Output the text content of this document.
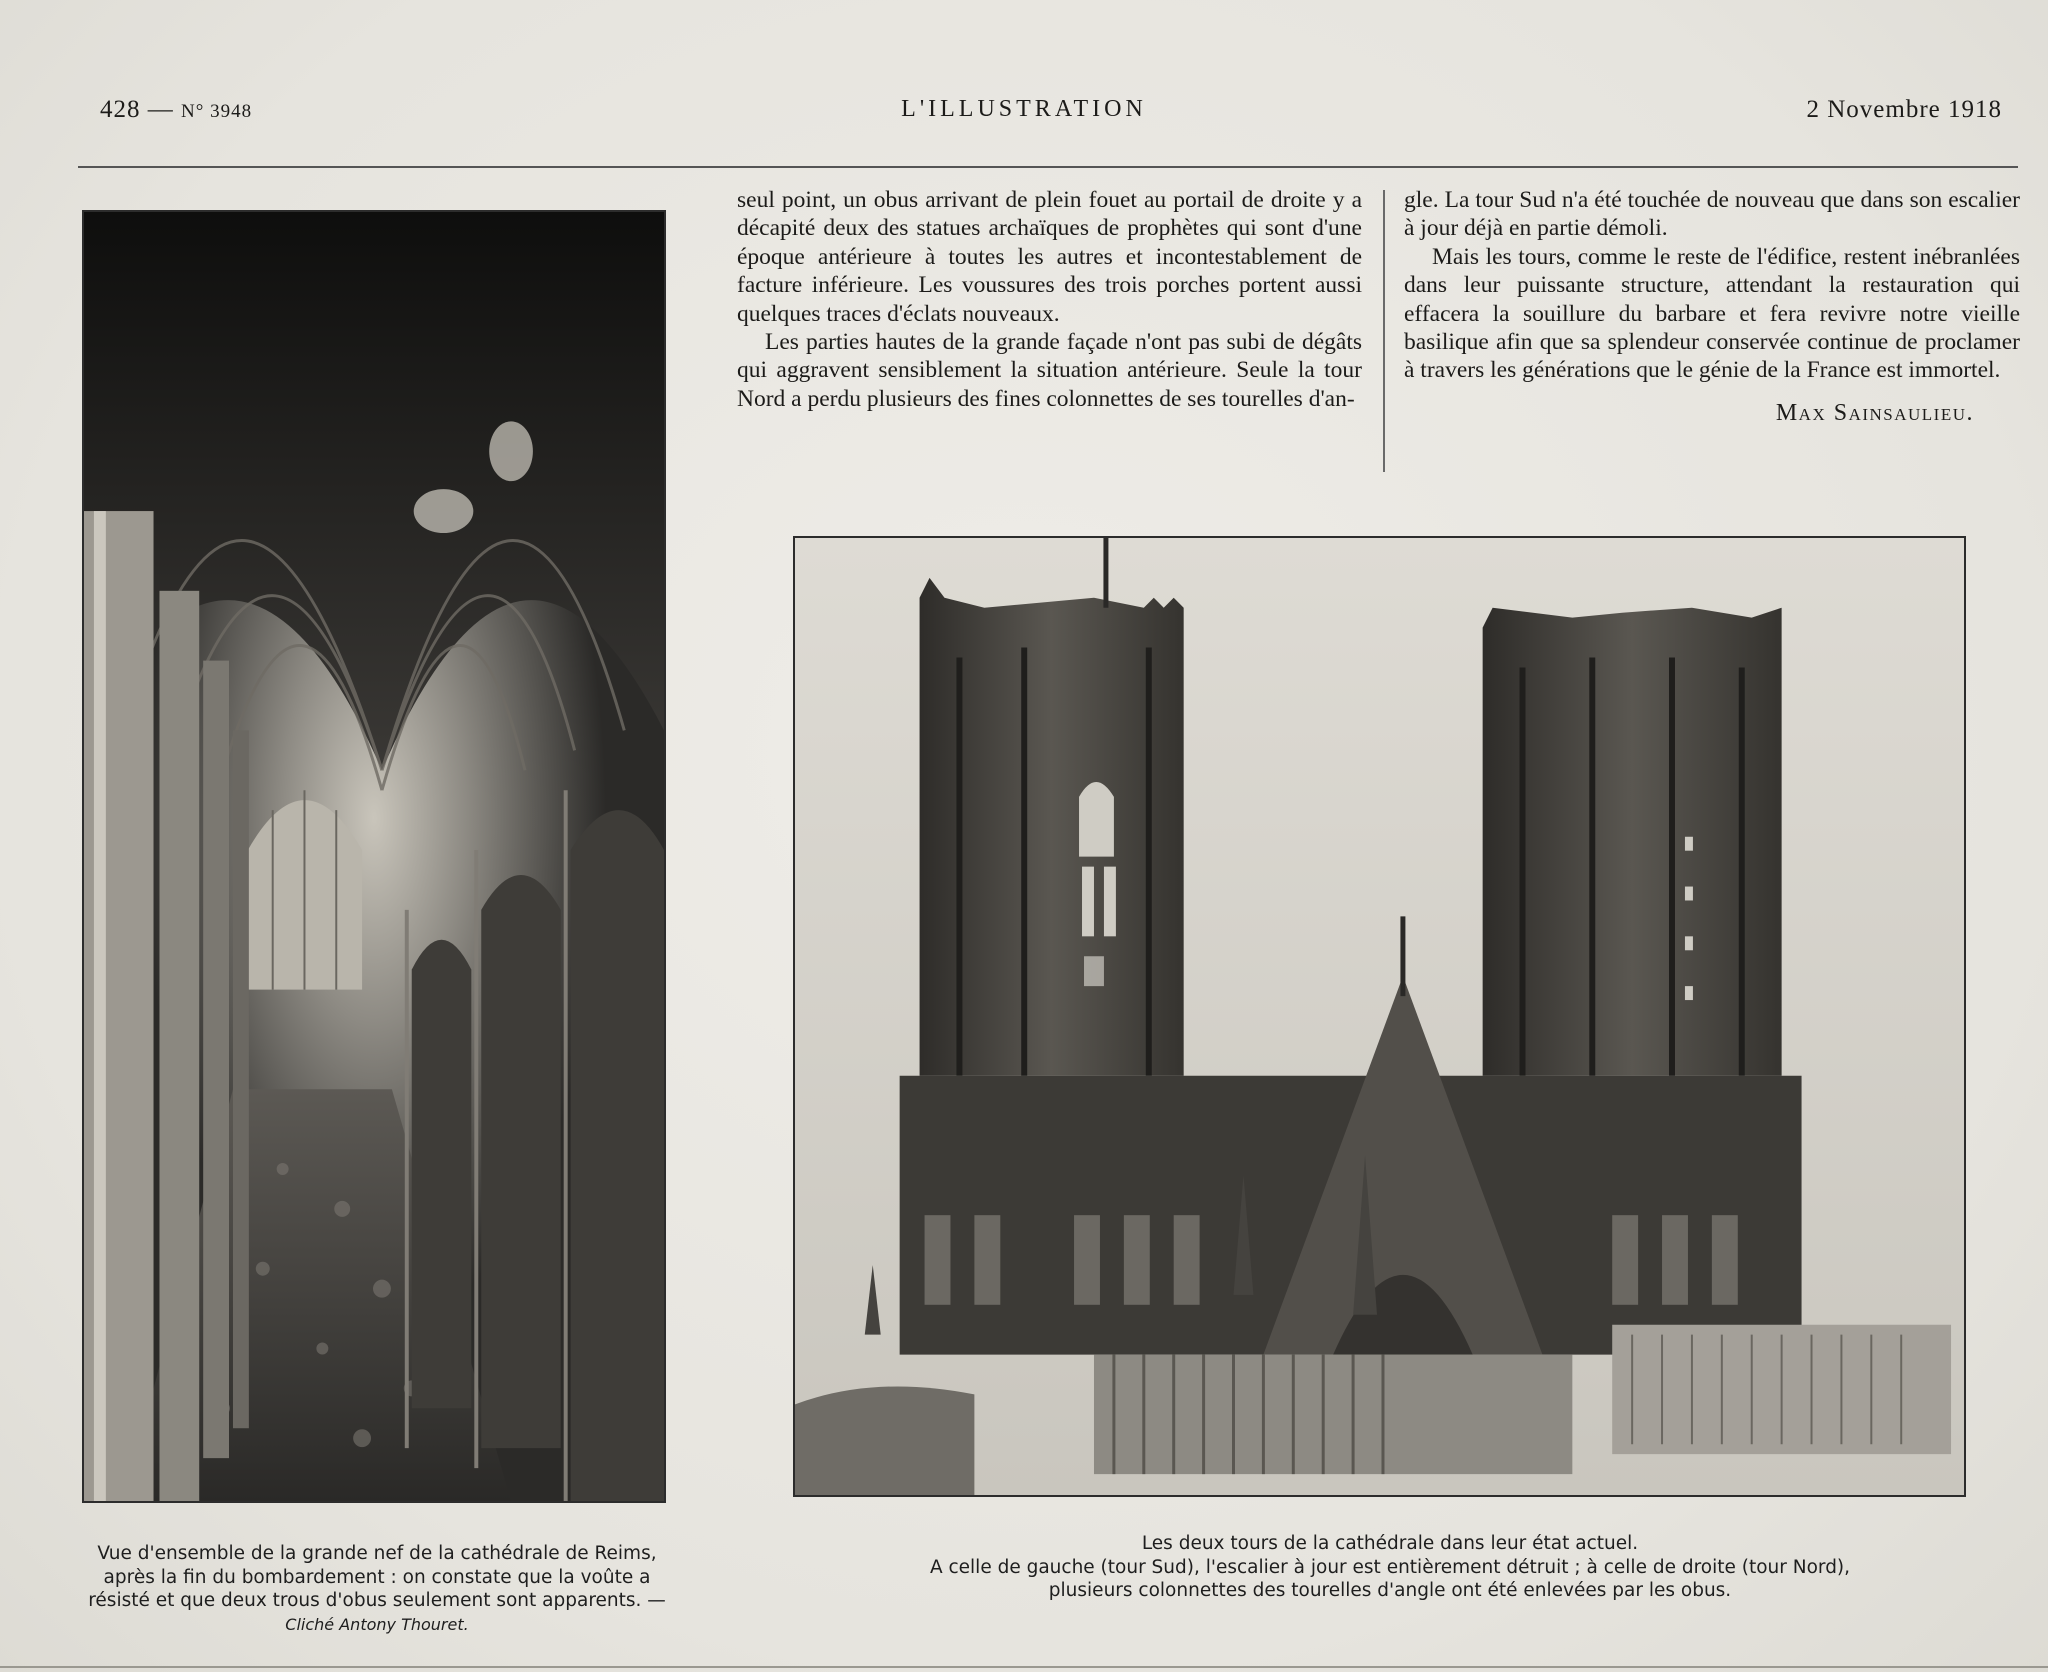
428 — N° 3948	L'ILLUSTRATION	2 Novembre 1918

seul point, un obus arrivant de plein fouet au portail de droite y a décapité deux des statues archaïques de prophètes qui sont d'une époque antérieure à toutes les autres et incontestablement de facture inférieure. Les voussures des trois porches portent aussi quelques traces d'éclats nouveaux.

Les parties hautes de la grande façade n'ont pas subi de dégâts qui aggravent sensiblement la situation antérieure. Seule la tour Nord a perdu plusieurs des fines colonnettes de ses tourelles d'an-

gle. La tour Sud n'a été touchée de nouveau que dans son escalier à jour déjà en partie démoli.

Mais les tours, comme le reste de l'édifice, restent inébranlées dans leur puissante structure, attendant la restauration qui effacera la souillure du barbare et fera revivre notre vieille basilique afin que sa splendeur conservée continue de proclamer à travers les générations que le génie de la France est immortel.

Max Sainsaulieu.
Vue d'ensemble de la grande nef de la cathédrale de Reims, après la fin du bombardement : on constate que la voûte a résisté et que deux trous d'obus seulement sont apparents. — Cliché Antony Thouret.
Les deux tours de la cathédrale dans leur état actuel.
A celle de gauche (tour Sud), l'escalier à jour est entièrement détruit ; à celle de droite (tour Nord),
plusieurs colonnettes des tourelles d'angle ont été enlevées par les obus.
